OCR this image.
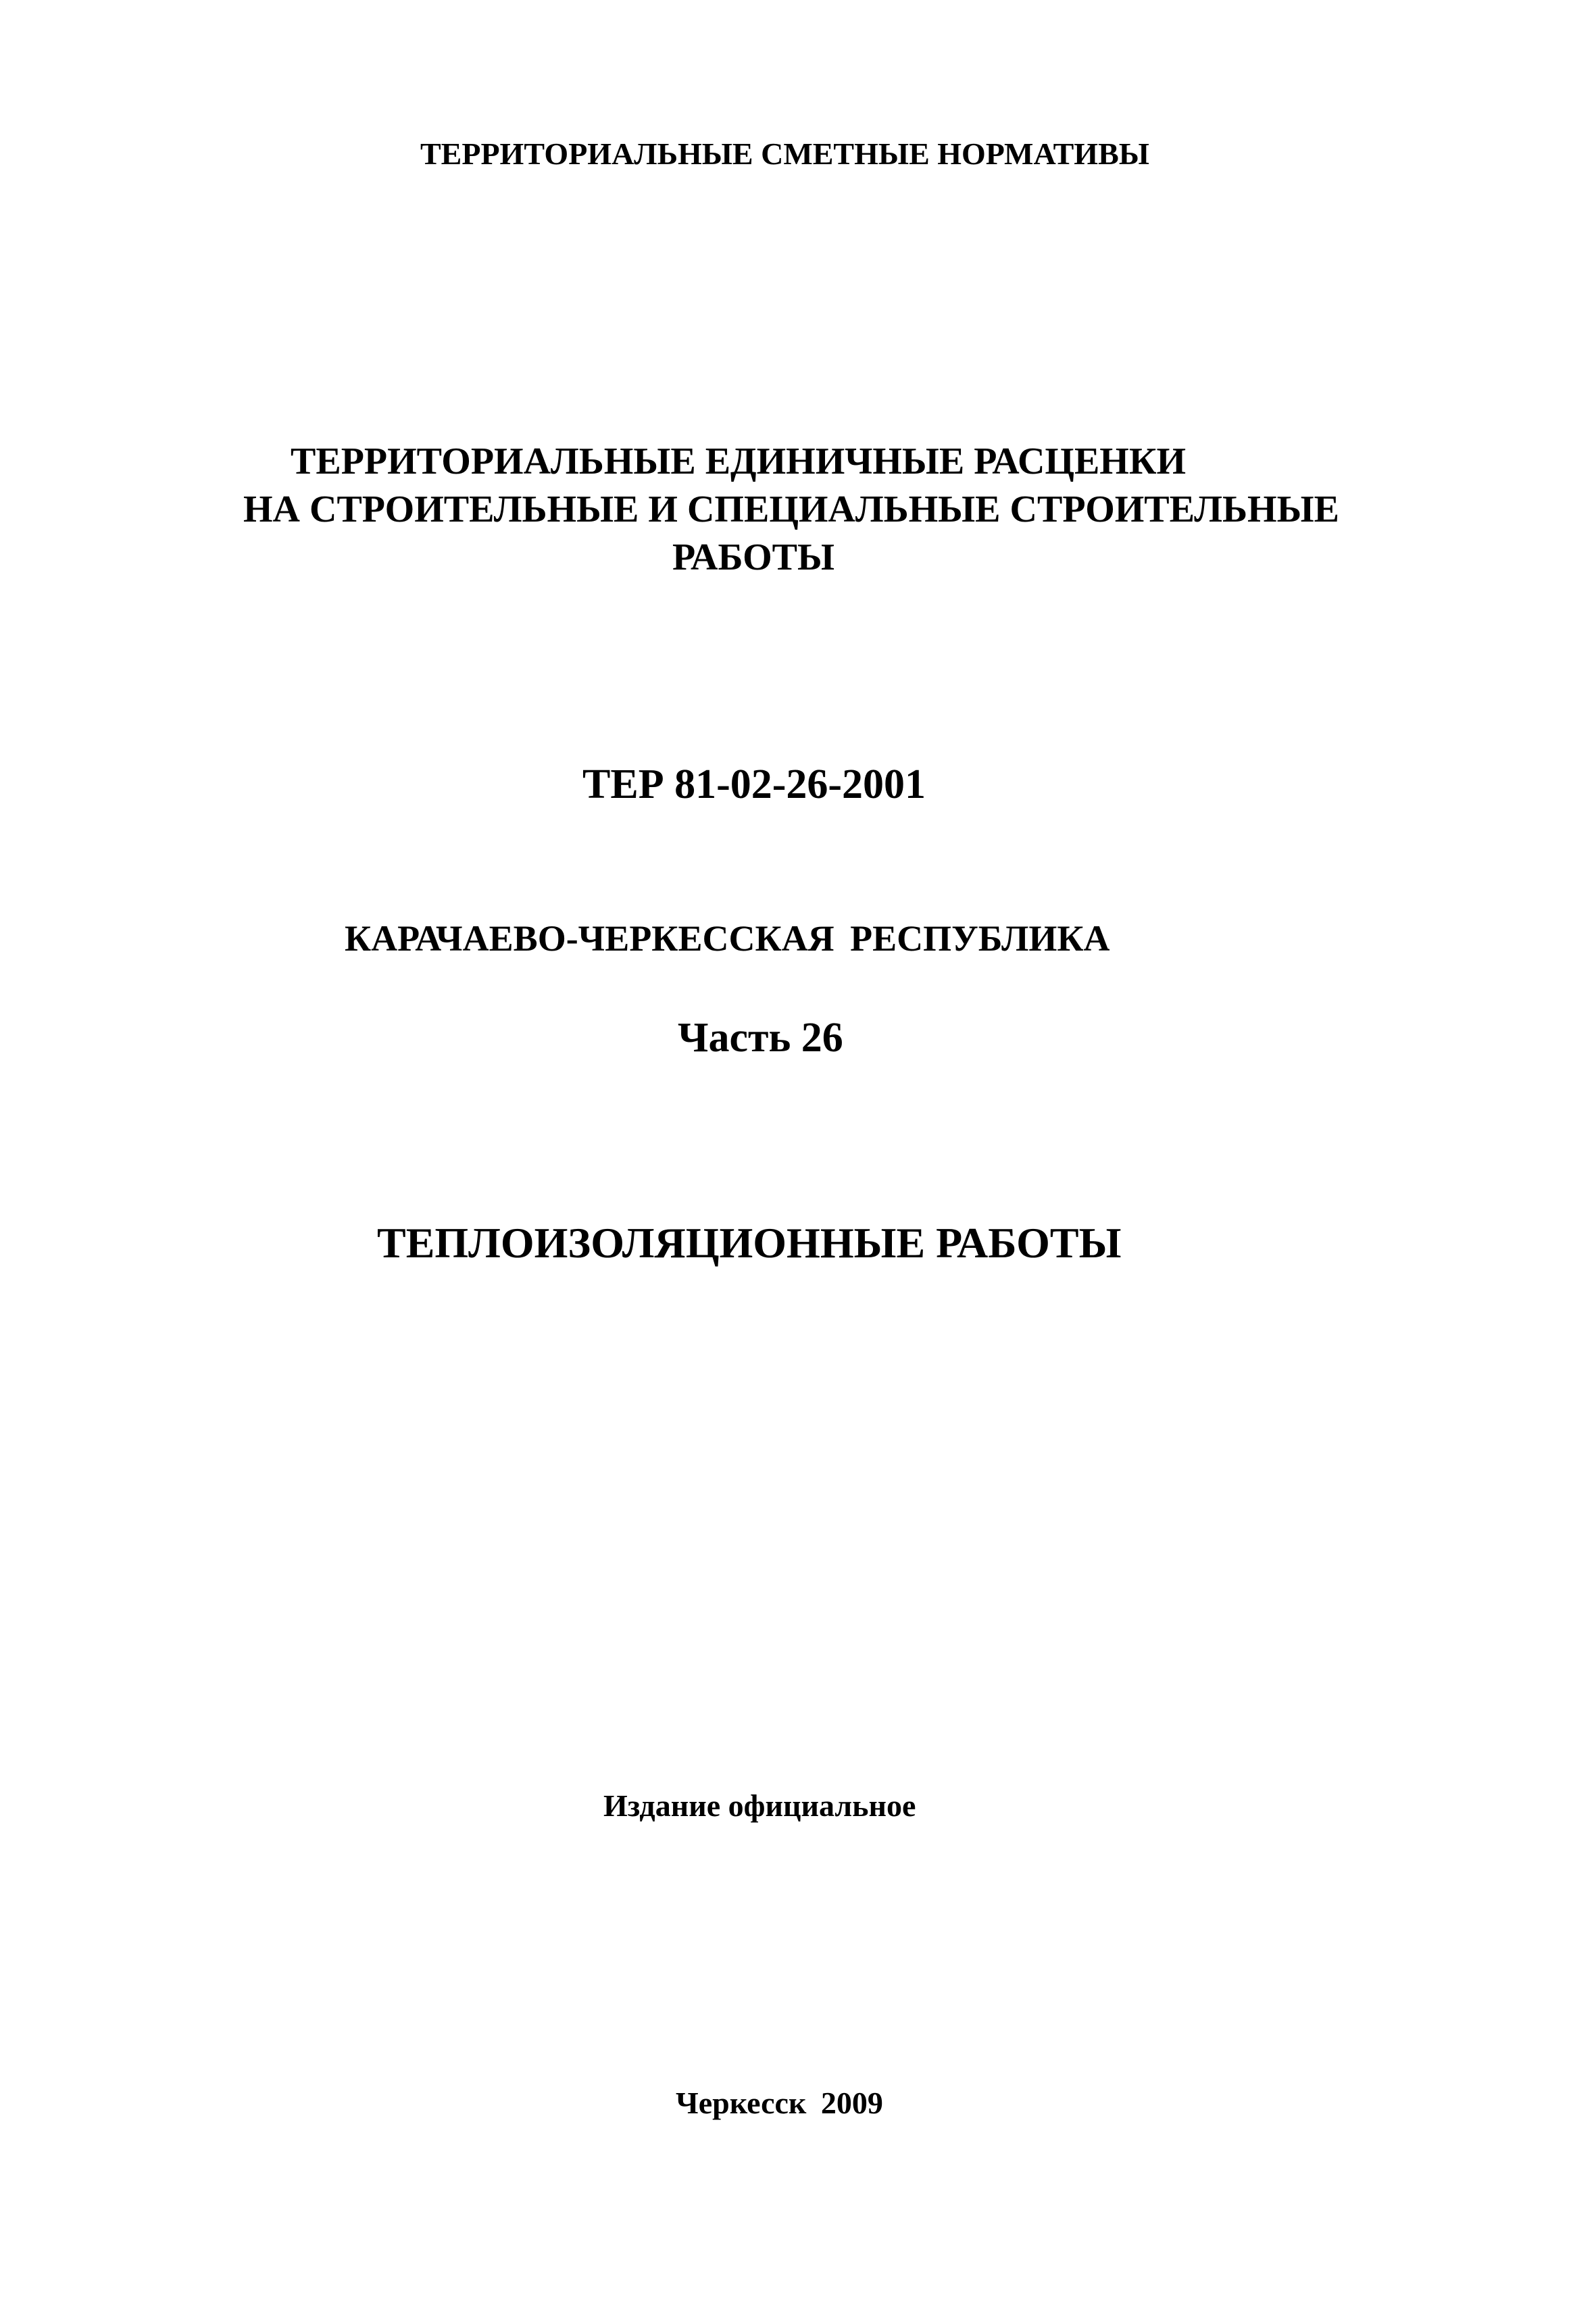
ТЕРРИТОРИАЛЬНЫЕ СМЕТНЫЕ НОРМАТИВЫ
ТЕРРИТОРИАЛЬНЫЕ ЕДИНИЧНЫЕ РАСЦЕНКИ
НА СТРОИТЕЛЬНЫЕ И СПЕЦИАЛЬНЫЕ СТРОИТЕЛЬНЫЕ
РАБОТЫ
ТЕР 81-02-26-2001
КАРАЧАЕВО-ЧЕРКЕССКАЯ РЕСПУБЛИКА
Часть 26
ТЕПЛОИЗОЛЯЦИОННЫЕ РАБОТЫ
Издание официальное
Черкесск 2009
